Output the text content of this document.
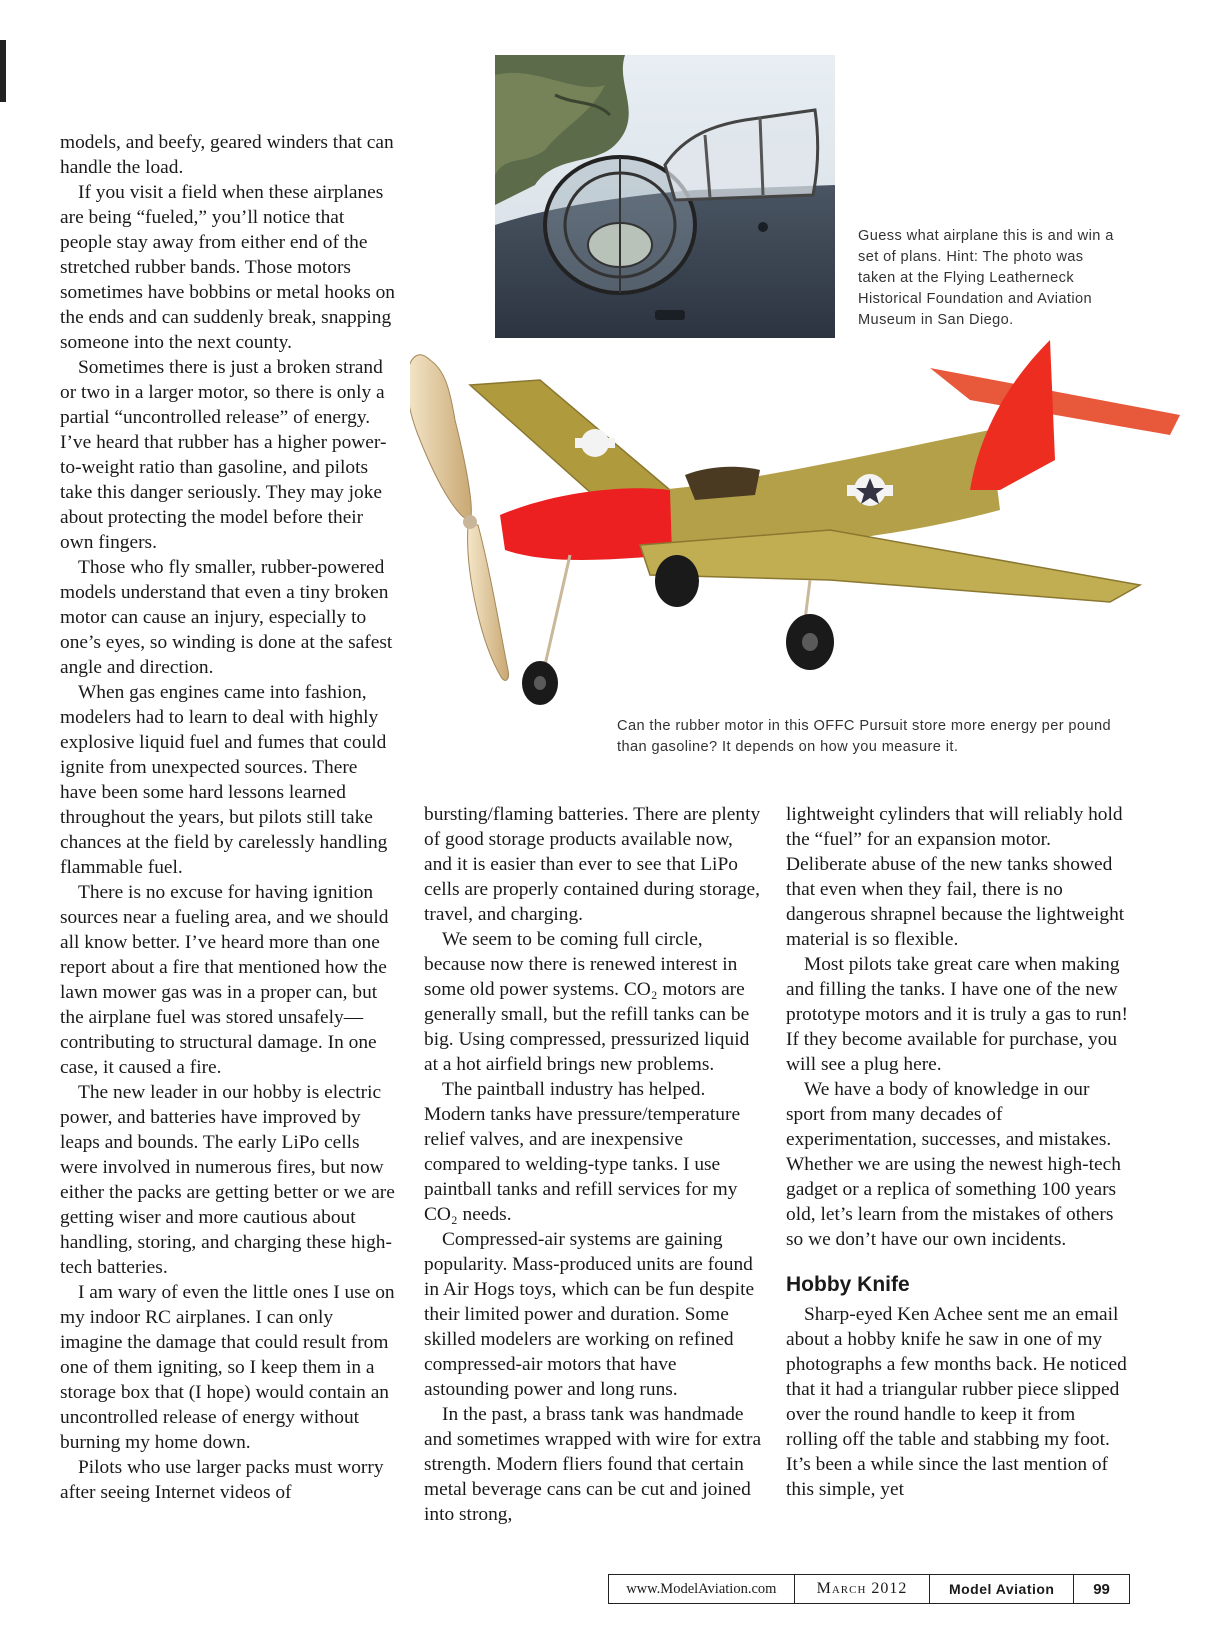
Guess what airplane this is and win a set of plans. Hint: The photo was taken at the Flying Leatherneck Historical Foundation and Aviation Museum in San Diego.
Can the rubber motor in this OFFC Pursuit store more energy per pound than gasoline? It depends on how you measure it.

models, and beefy, geared winders that can handle the load.

If you visit a field when these airplanes are being “fueled,” you’ll notice that people stay away from either end of the stretched rubber bands. Those motors sometimes have bobbins or metal hooks on the ends and can suddenly break, snapping someone into the next county.

Sometimes there is just a broken strand or two in a larger motor, so there is only a partial “uncontrolled release” of energy. I’ve heard that rubber has a higher power-to-weight ratio than gasoline, and pilots take this danger seriously. They may joke about protecting the model before their own fingers.

Those who fly smaller, rubber-powered models understand that even a tiny broken motor can cause an injury, especially to one’s eyes, so winding is done at the safest angle and direction.

When gas engines came into fashion, modelers had to learn to deal with highly explosive liquid fuel and fumes that could ignite from unexpected sources. There have been some hard lessons learned throughout the years, but pilots still take chances at the field by carelessly handling flammable fuel.

There is no excuse for having ignition sources near a fueling area, and we should all know better. I’ve heard more than one report about a fire that mentioned how the lawn mower gas was in a proper can, but the airplane fuel was stored unsafely—contributing to structural damage. In one case, it caused a fire.

The new leader in our hobby is electric power, and batteries have improved by leaps and bounds. The early LiPo cells were involved in numerous fires, but now either the packs are getting better or we are getting wiser and more cautious about handling, storing, and charging these high-tech batteries.

I am wary of even the little ones I use on my indoor RC airplanes. I can only imagine the damage that could result from one of them igniting, so I keep them in a storage box that (I hope) would contain an uncontrolled release of energy without burning my home down.

Pilots who use larger packs must worry after seeing Internet videos of

bursting/flaming batteries. There are plenty of good storage products available now, and it is easier than ever to see that LiPo cells are properly contained during storage, travel, and charging.

We seem to be coming full circle, because now there is renewed interest in some old power systems. CO₂ motors are generally small, but the refill tanks can be big. Using compressed, pressurized liquid at a hot airfield brings new problems.

The paintball industry has helped. Modern tanks have pressure/temperature relief valves, and are inexpensive compared to welding-type tanks. I use paintball tanks and refill services for my CO₂ needs.

Compressed-air systems are gaining popularity. Mass-produced units are found in Air Hogs toys, which can be fun despite their limited power and duration. Some skilled modelers are working on refined compressed-air motors that have astounding power and long runs.

In the past, a brass tank was handmade and sometimes wrapped with wire for extra strength. Modern fliers found that certain metal beverage cans can be cut and joined into strong,

lightweight cylinders that will reliably hold the “fuel” for an expansion motor. Deliberate abuse of the new tanks showed that even when they fail, there is no dangerous shrapnel because the lightweight material is so flexible.

Most pilots take great care when making and filling the tanks. I have one of the new prototype motors and it is truly a gas to run! If they become available for purchase, you will see a plug here.

We have a body of knowledge in our sport from many decades of experimentation, successes, and mistakes. Whether we are using the newest high-tech gadget or a replica of something 100 years old, let’s learn from the mistakes of others so we don’t have our own incidents.

Hobby Knife

Sharp-eyed Ken Achee sent me an email about a hobby knife he saw in one of my photographs a few months back. He noticed that it had a triangular rubber piece slipped over the round handle to keep it from rolling off the table and stabbing my foot. It’s been a while since the last mention of this simple, yet

www.ModelAviation.com	March 2012	Model Aviation	99
